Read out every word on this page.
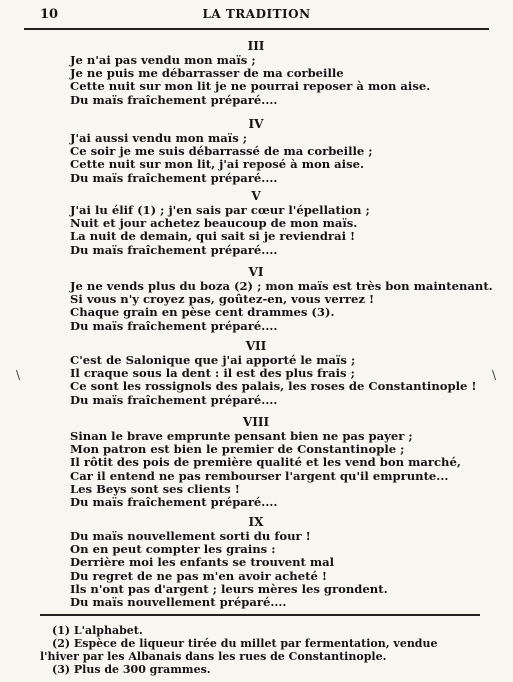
10	LA TRADITION
III
Je n'ai pas vendu mon maïs ;
Je ne puis me débarrasser de ma corbeille
Cette nuit sur mon lit je ne pourrai reposer à mon aise.
Du maïs fraîchement préparé....
IV
J'ai aussi vendu mon maïs ;
Ce soir je me suis débarrassé de ma corbeille ;
Cette nuit sur mon lit, j'ai reposé à mon aise.
Du maïs fraîchement préparé....
V
J'ai lu élif (1) ; j'en sais par cœur l'épellation ;
Nuit et jour achetez beaucoup de mon maïs.
La nuit de demain, qui sait si je reviendrai !
Du maïs fraîchement préparé....
VI
Je ne vends plus du boza (2) ; mon maïs est très bon maintenant.
Si vous n'y croyez pas, goûtez-en, vous verrez !
Chaque grain en pèse cent drammes (3).
Du maïs fraîchement préparé....
VII
C'est de Salonique que j'ai apporté le maïs ;
Il craque sous la dent : il est des plus frais ;
Ce sont les rossignols des palais, les roses de Constantinople !
Du maïs fraîchement préparé....
VIII
Sinan le brave emprunte pensant bien ne pas payer ;
Mon patron est bien le premier de Constantinople ;
Il rôtit des pois de première qualité et les vend bon marché,
Car il entend ne pas rembourser l'argent qu'il emprunte...
Les Beys sont ses clients !
Du maïs fraîchement préparé....
IX
Du maïs nouvellement sorti du four !
On en peut compter les grains :
Derrière moi les enfants se trouvent mal
Du regret de ne pas m'en avoir acheté !
Ils n'ont pas d'argent ; leurs mères les grondent.
Du maïs nouvellement préparé....
(1) L'alphabet.
(2) Espèce de liqueur tirée du millet par fermentation, vendue
l'hiver par les Albanais dans les rues de Constantinople.
(3) Plus de 300 grammes.
\	\
